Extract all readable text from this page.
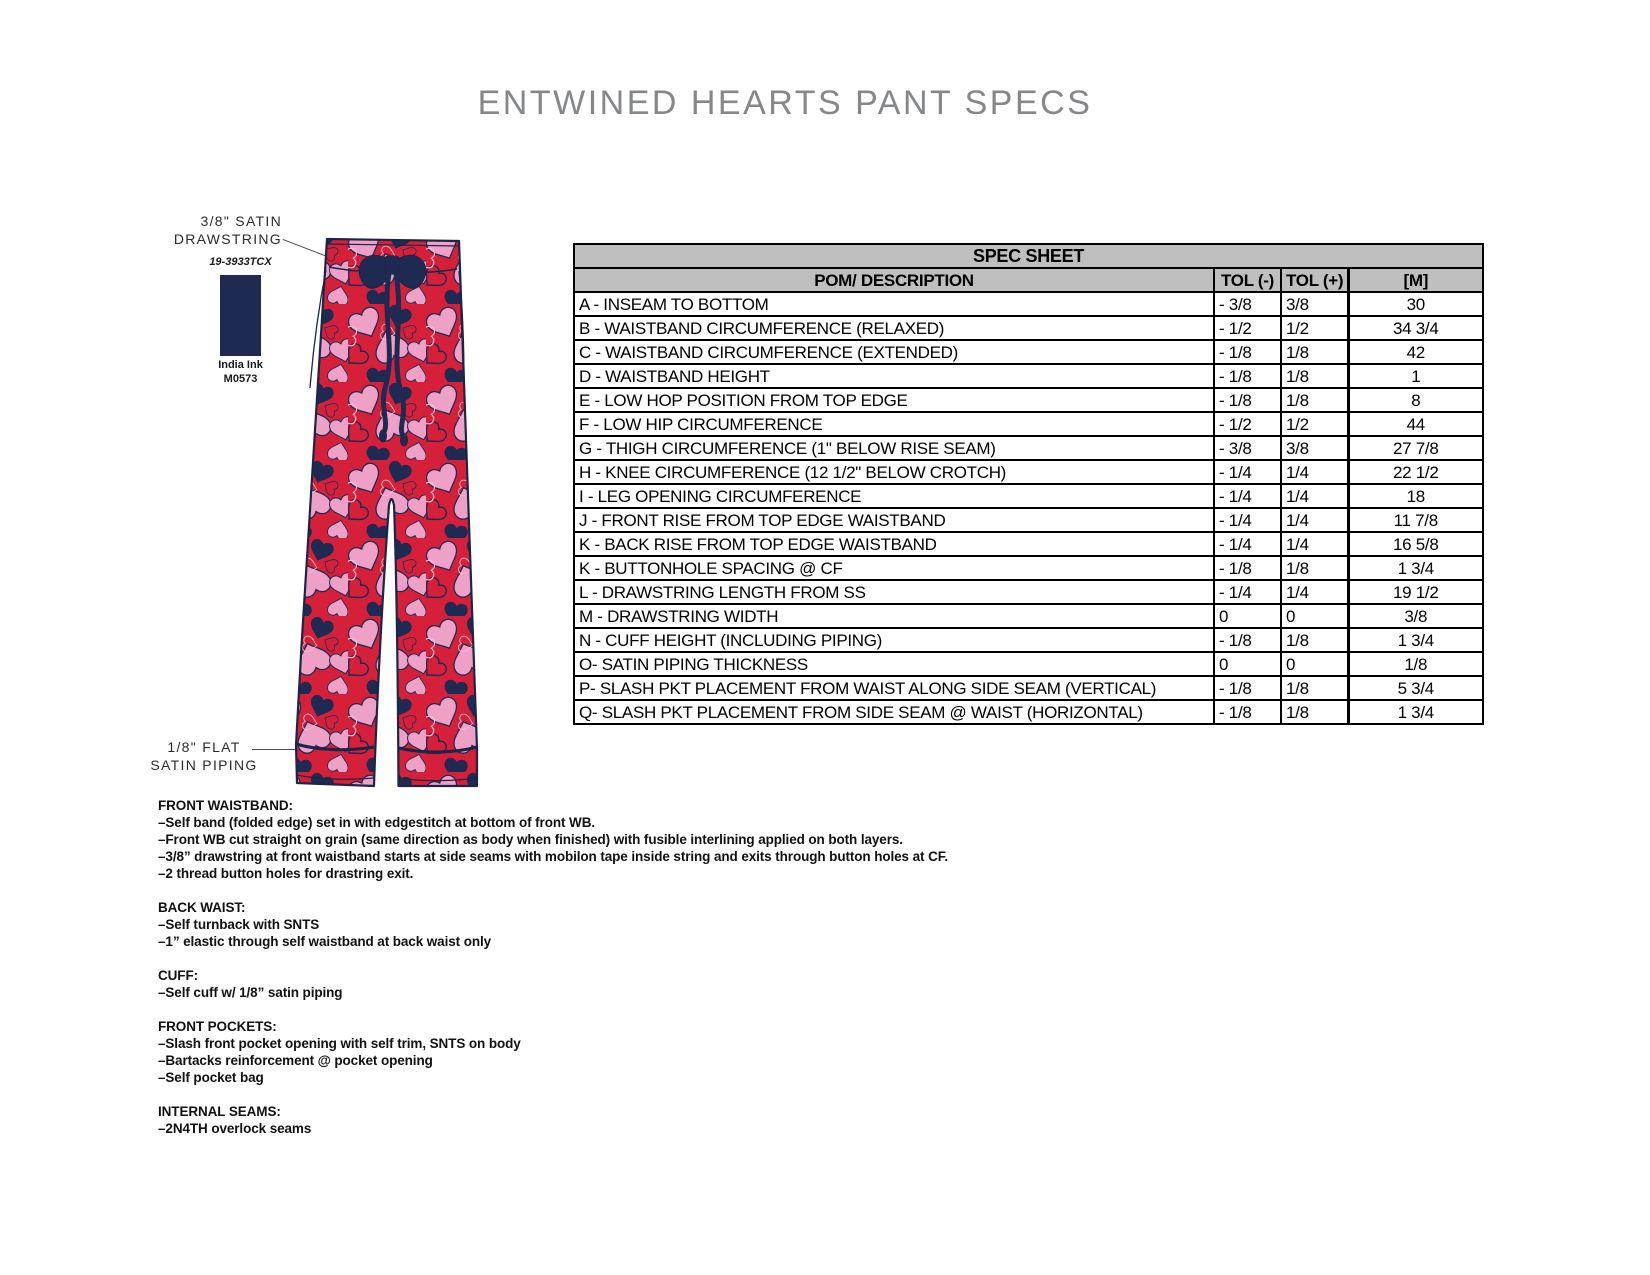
ENTWINED HEARTS PANT SPECS
3/8" SATIN
DRAWSTRING
1/8" FLAT
SATIN PIPING
19-3933TCX
India Ink
M0573
SPEC SHEET			
POM/ DESCRIPTION	TOL (-)	TOL (+)	[M]
A - INSEAM TO BOTTOM	- 3/8	3/8	30
B - WAISTBAND CIRCUMFERENCE (RELAXED)	- 1/2	1/2	34 3/4
C - WAISTBAND CIRCUMFERENCE (EXTENDED)	- 1/8	1/8	42
D - WAISTBAND HEIGHT	- 1/8	1/8	1
E - LOW HOP POSITION FROM TOP EDGE	- 1/8	1/8	8
F - LOW HIP CIRCUMFERENCE	- 1/2	1/2	44
G - THIGH CIRCUMFERENCE (1" BELOW RISE SEAM)	- 3/8	3/8	27 7/8
H - KNEE CIRCUMFERENCE (12 1/2" BELOW CROTCH)	- 1/4	1/4	22 1/2
I - LEG OPENING CIRCUMFERENCE	- 1/4	1/4	18
J - FRONT RISE FROM TOP EDGE WAISTBAND	- 1/4	1/4	11 7/8
K - BACK RISE FROM TOP EDGE WAISTBAND	- 1/4	1/4	16 5/8
K - BUTTONHOLE SPACING @ CF	- 1/8	1/8	1 3/4
L - DRAWSTRING LENGTH FROM SS	- 1/4	1/4	19 1/2
M - DRAWSTRING WIDTH	0	0	3/8
N - CUFF HEIGHT (INCLUDING PIPING)	- 1/8	1/8	1 3/4
O- SATIN PIPING THICKNESS	0	0	1/8
P- SLASH PKT PLACEMENT FROM WAIST ALONG SIDE SEAM (VERTICAL)	- 1/8	1/8	5 3/4
Q- SLASH PKT PLACEMENT FROM SIDE SEAM @ WAIST (HORIZONTAL)	- 1/8	1/8	1 3/4
FRONT WAISTBAND:
–Self band (folded edge) set in with edgestitch at bottom of front WB.
–Front WB cut straight on grain (same direction as body when finished) with fusible interlining applied on both layers.
–3/8” drawstring at front waistband starts at side seams with mobilon tape inside string and exits through button holes at CF.
–2 thread button holes for drastring exit.
BACK WAIST:
–Self turnback with SNTS
–1” elastic through self waistband at back waist only
CUFF:
–Self cuff w/ 1/8” satin piping
FRONT POCKETS:
–Slash front pocket opening with self trim, SNTS on body
–Bartacks reinforcement @ pocket opening
–Self pocket bag
INTERNAL SEAMS:
–2N4TH overlock seams
